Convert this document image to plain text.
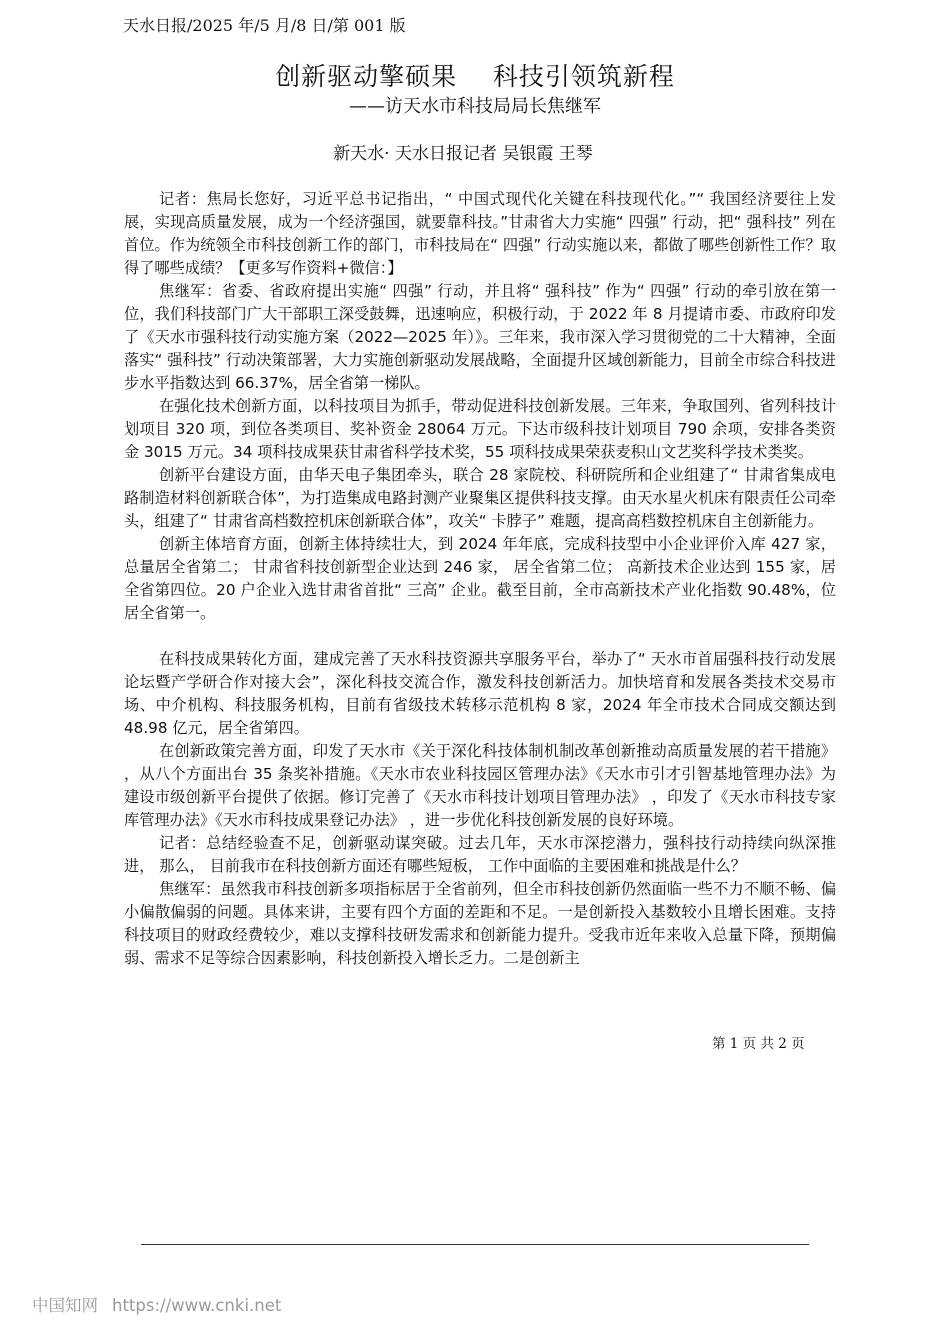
天水日报/2025 年/5 月/8 日/第 001 版
创新驱动擎硕果    科技引领筑新程
——访天水市科技局局长焦继军
新天水· 天水日报记者 吴银霞 王琴

记者：焦局长您好，习近平总书记指出，“ 中国式现代化关键在科技现代化。”“ 我国经济要往上发展，实现高质量发展，成为一个经济强国，就要靠科技。”甘肃省大力实施“ 四强” 行动，把“ 强科技” 列在首位。作为统领全市科技创新工作的部门，市科技局在“ 四强” 行动实施以来，都做了哪些创新性工作？取得了哪些成绩？【更多写作资料+微信：】

焦继军：省委、省政府提出实施“ 四强” 行动，并且将“ 强科技” 作为“ 四强” 行动的牵引放在第一位，我们科技部门广大干部职工深受鼓舞，迅速响应，积极行动，于 2022 年 8 月提请市委、市政府印发了《天水市强科技行动实施方案（2022—2025 年）》。三年来，我市深入学习贯彻党的二十大精神，全面落实“ 强科技” 行动决策部署，大力实施创新驱动发展战略，全面提升区域创新能力，目前全市综合科技进步水平指数达到 66.37%，居全省第一梯队。

在强化技术创新方面，以科技项目为抓手，带动促进科技创新发展。三年来，争取国列、省列科技计划项目 320 项，到位各类项目、奖补资金 28064 万元。下达市级科技计划项目 790 余项，安排各类资金 3015 万元。34 项科技成果获甘肃省科学技术奖，55 项科技成果荣获麦积山文艺奖科学技术类奖。

创新平台建设方面，由华天电子集团牵头，联合 28 家院校、科研院所和企业组建了“ 甘肃省集成电路制造材料创新联合体”，为打造集成电路封测产业聚集区提供科技支撑。由天水星火机床有限责任公司牵头，组建了“ 甘肃省高档数控机床创新联合体”，攻关“ 卡脖子” 难题，提高高档数控机床自主创新能力。

创新主体培育方面，创新主体持续壮大，到 2024 年年底，完成科技型中小企业评价入库 427 家， 总量居全省第二； 甘肃省科技创新型企业达到 246 家， 居全省第二位； 高新技术企业达到 155 家，居全省第四位。20 户企业入选甘肃省首批“ 三高” 企业。截至目前，全市高新技术产业化指数 90.48%，位居全省第一。

在科技成果转化方面，建成完善了天水科技资源共享服务平台，举办了“ 天水市首届强科技行动发展论坛暨产学研合作对接大会”，深化科技交流合作，激发科技创新活力。加快培育和发展各类技术交易市场、中介机构、科技服务机构，目前有省级技术转移示范机构 8 家，2024 年全市技术合同成交额达到 48.98 亿元，居全省第四。

在创新政策完善方面，印发了天水市《关于深化科技体制机制改革创新推动高质量发展的若干措施》 ，从八个方面出台 35 条奖补措施。《天水市农业科技园区管理办法》《天水市引才引智基地管理办法》为建设市级创新平台提供了依据。修订完善了《天水市科技计划项目管理办法》 ，印发了《天水市科技专家库管理办法》《天水市科技成果登记办法》 ，进一步优化科技创新发展的良好环境。

记者：总结经验查不足，创新驱动谋突破。过去几年，天水市深挖潜力，强科技行动持续向纵深推进， 那么， 目前我市在科技创新方面还有哪些短板， 工作中面临的主要困难和挑战是什么？

焦继军：虽然我市科技创新多项指标居于全省前列，但全市科技创新仍然面临一些不力不顺不畅、偏小偏散偏弱的问题。具体来讲，主要有四个方面的差距和不足。一是创新投入基数较小且增长困难。支持科技项目的财政经费较少，难以支撑科技研发需求和创新能力提升。受我市近年来收入总量下降，预期偏弱、需求不足等综合因素影响，科技创新投入增长乏力。二是创新主

第 1 页 共 2 页
中国知网 https://www.cnki.net
